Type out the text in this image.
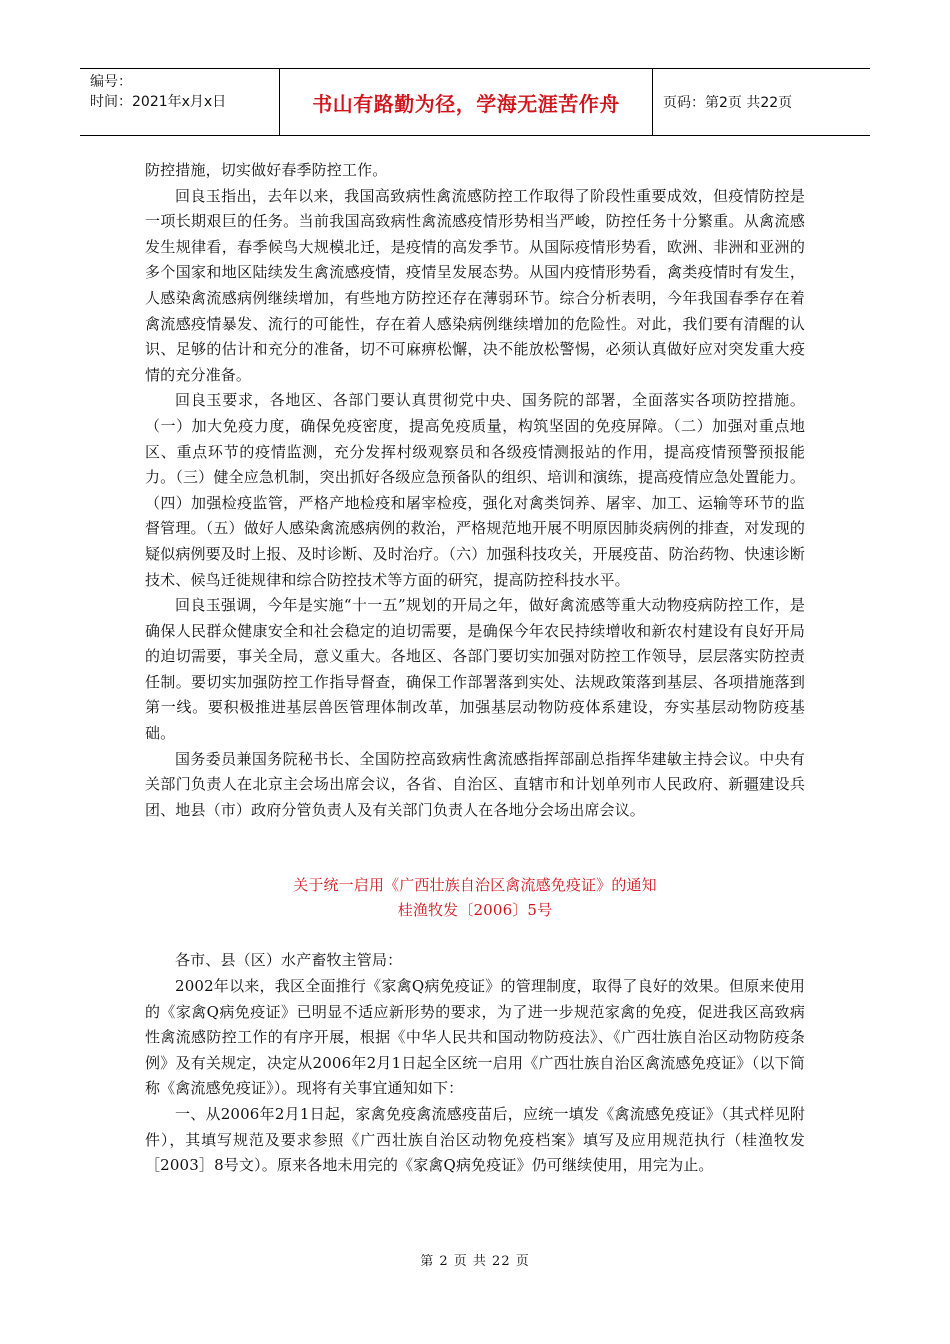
编号：
时间：2021年x月x日	书山有路勤为径，学海无涯苦作舟	页码：第2页 共22页

防控措施，切实做好春季防控工作。

回良玉指出，去年以来，我国高致病性禽流感防控工作取得了阶段性重要成效，但疫情防控是一项长期艰巨的任务。当前我国高致病性禽流感疫情形势相当严峻，防控任务十分繁重。从禽流感发生规律看，春季候鸟大规模北迁，是疫情的高发季节。从国际疫情形势看，欧洲、非洲和亚洲的多个国家和地区陆续发生禽流感疫情，疫情呈发展态势。从国内疫情形势看，禽类疫情时有发生，人感染禽流感病例继续增加，有些地方防控还存在薄弱环节。综合分析表明，今年我国春季存在着禽流感疫情暴发、流行的可能性，存在着人感染病例继续增加的危险性。对此，我们要有清醒的认识、足够的估计和充分的准备，切不可麻痹松懈，决不能放松警惕，必须认真做好应对突发重大疫情的充分准备。

回良玉要求，各地区、各部门要认真贯彻党中央、国务院的部署，全面落实各项防控措施。（一）加大免疫力度，确保免疫密度，提高免疫质量，构筑坚固的免疫屏障。（二）加强对重点地区、重点环节的疫情监测，充分发挥村级观察员和各级疫情测报站的作用，提高疫情预警预报能力。（三）健全应急机制，突出抓好各级应急预备队的组织、培训和演练，提高疫情应急处置能力。（四）加强检疫监管，严格产地检疫和屠宰检疫，强化对禽类饲养、屠宰、加工、运输等环节的监督管理。（五）做好人感染禽流感病例的救治，严格规范地开展不明原因肺炎病例的排查，对发现的疑似病例要及时上报、及时诊断、及时治疗。（六）加强科技攻关，开展疫苗、防治药物、快速诊断技术、候鸟迁徙规律和综合防控技术等方面的研究，提高防控科技水平。

回良玉强调，今年是实施“十一五”规划的开局之年，做好禽流感等重大动物疫病防控工作，是确保人民群众健康安全和社会稳定的迫切需要，是确保今年农民持续增收和新农村建设有良好开局的迫切需要，事关全局，意义重大。各地区、各部门要切实加强对防控工作领导，层层落实防控责任制。要切实加强防控工作指导督查，确保工作部署落到实处、法规政策落到基层、各项措施落到第一线。要积极推进基层兽医管理体制改革，加强基层动物防疫体系建设，夯实基层动物防疫基础。

国务委员兼国务院秘书长、全国防控高致病性禽流感指挥部副总指挥华建敏主持会议。中央有关部门负责人在北京主会场出席会议，各省、自治区、直辖市和计划单列市人民政府、新疆建设兵团、地县（市）政府分管负责人及有关部门负责人在各地分会场出席会议。

关于统一启用《广西壮族自治区禽流感免疫证》的通知

桂渔牧发〔2006〕5号

各市、县（区）水产畜牧主管局：

2002年以来，我区全面推行《家禽Q病免疫证》的管理制度，取得了良好的效果。但原来使用的《家禽Q病免疫证》已明显不适应新形势的要求，为了进一步规范家禽的免疫，促进我区高致病性禽流感防控工作的有序开展，根据《中华人民共和国动物防疫法》、《广西壮族自治区动物防疫条例》及有关规定，决定从2006年2月1日起全区统一启用《广西壮族自治区禽流感免疫证》（以下简称《禽流感免疫证》）。现将有关事宜通知如下：

一、从2006年2月1日起，家禽免疫禽流感疫苗后，应统一填发《禽流感免疫证》（其式样见附件），其填写规范及要求参照《广西壮族自治区动物免疫档案》填写及应用规范执行（桂渔牧发［2003］8号文）。原来各地未用完的《家禽Q病免疫证》仍可继续使用，用完为止。

第 2 页 共 22 页
